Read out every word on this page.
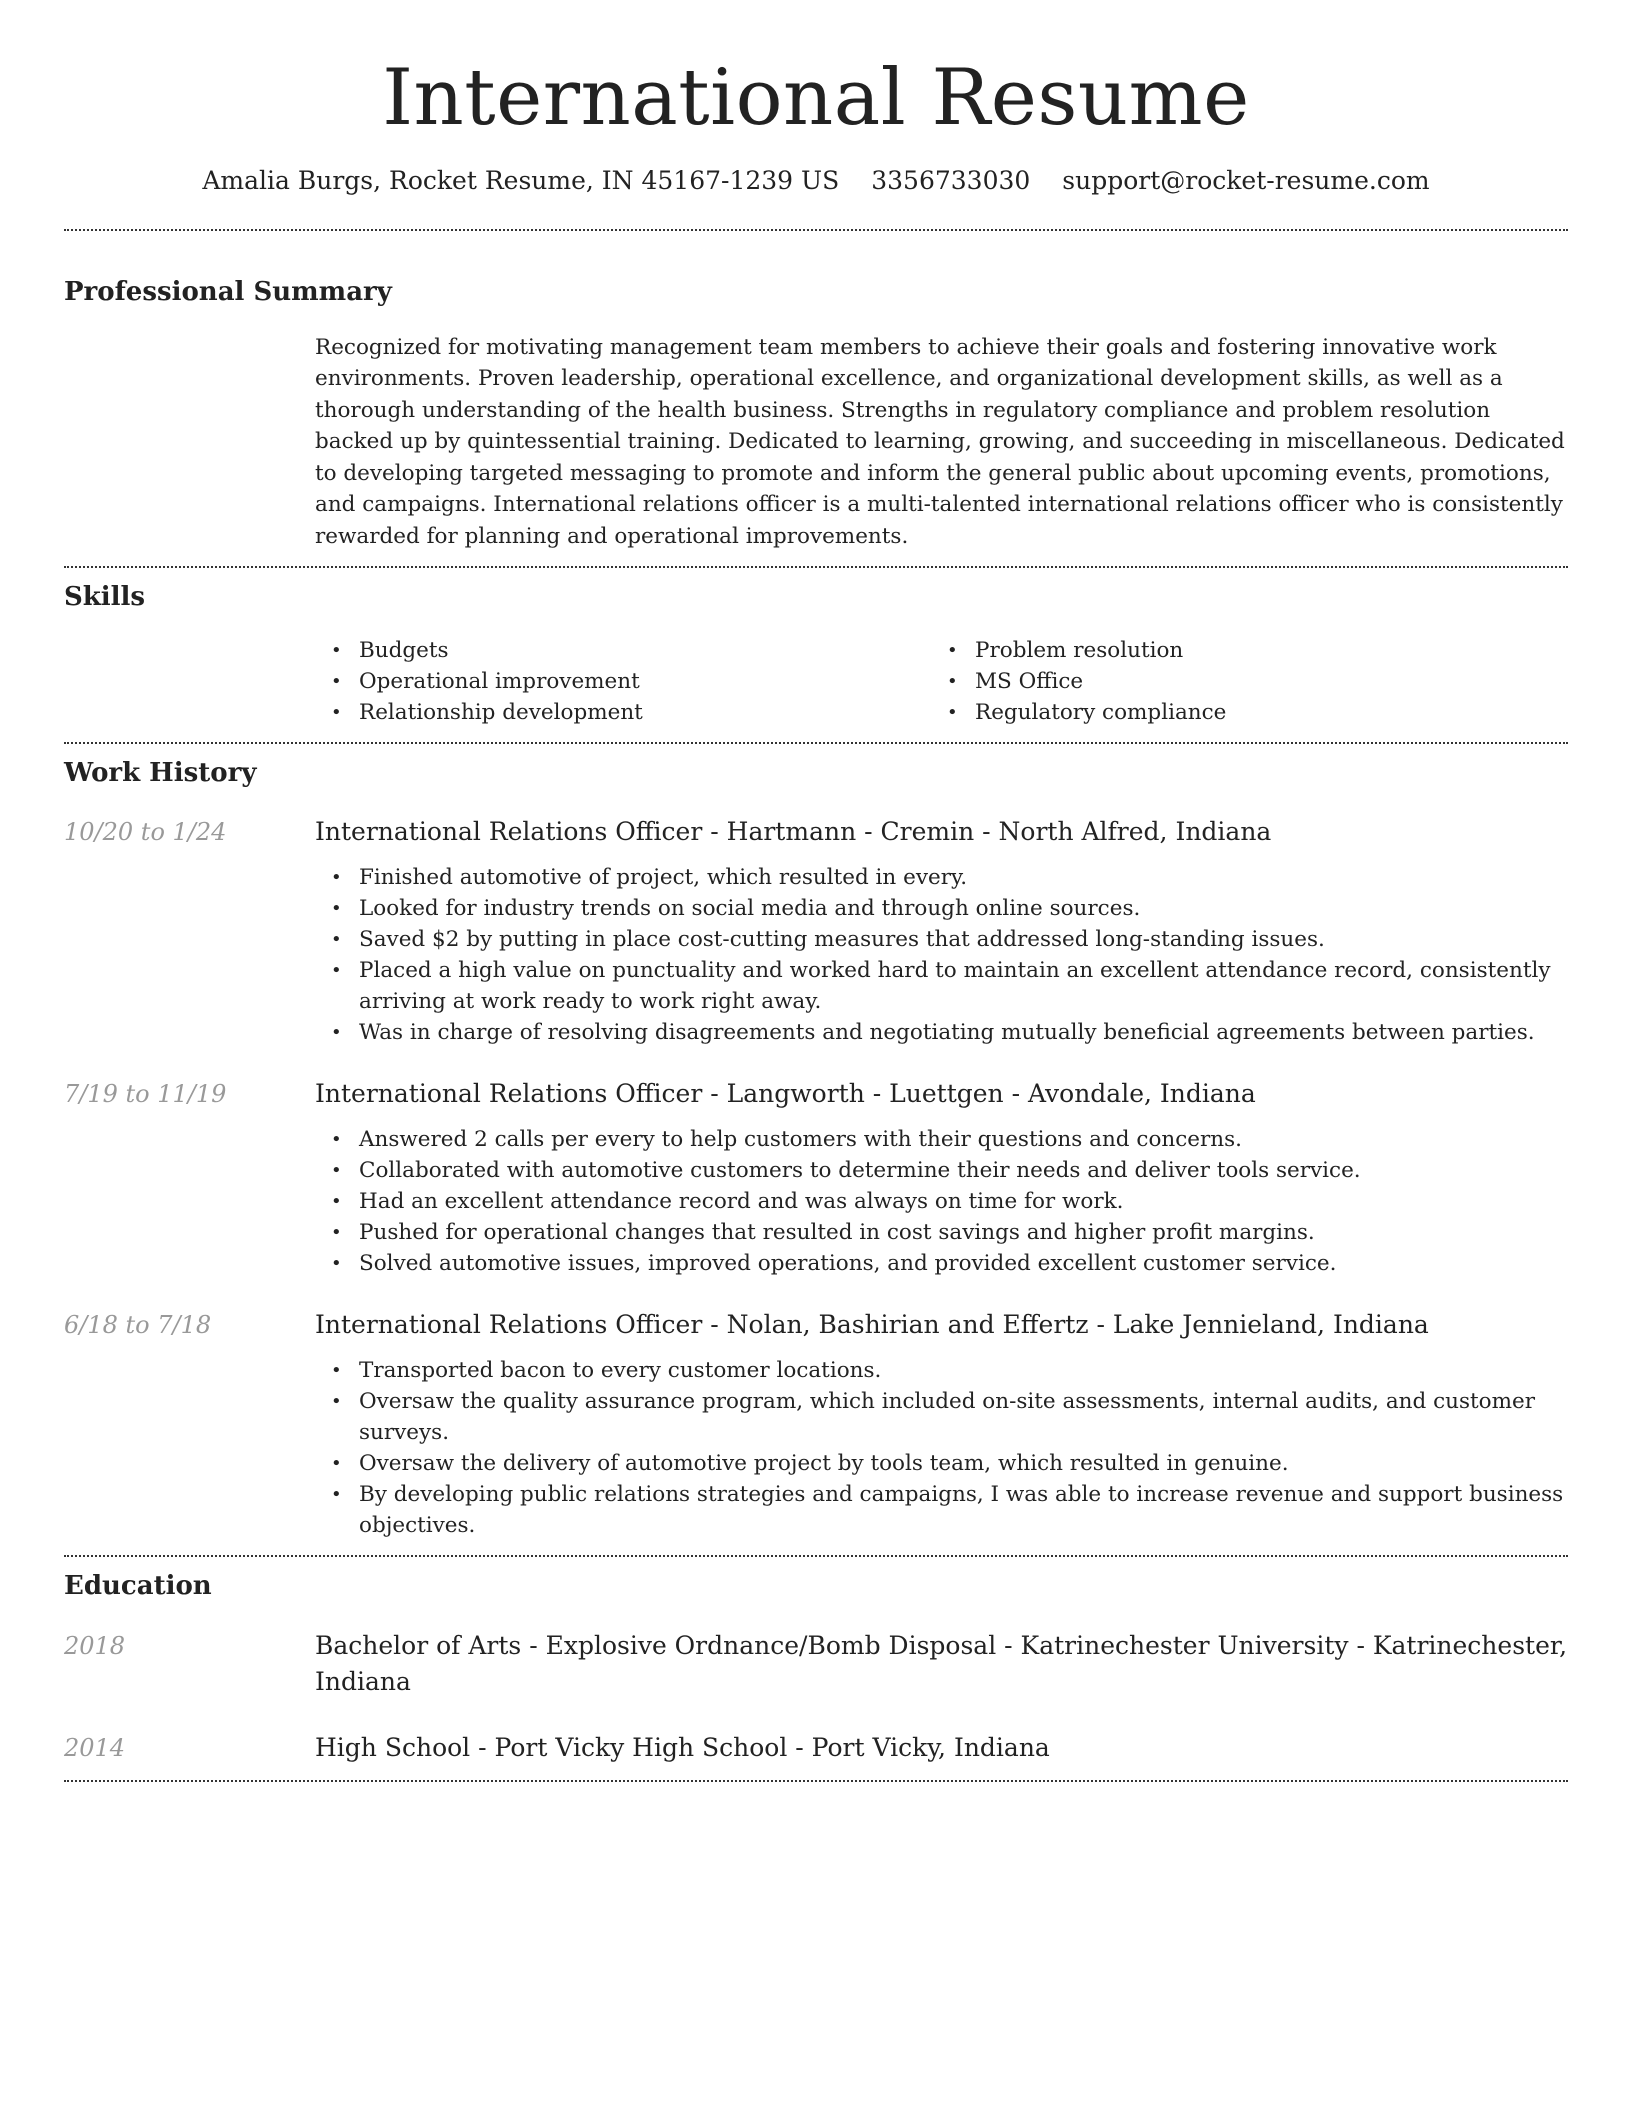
International Resume
Amalia Burgs, Rocket Resume, IN 45167-1239 US 3356733030 support@rocket-resume.com
Professional Summary

Recognized for motivating management team members to achieve their goals and fostering innovative work environments. Proven leadership, operational excellence, and organizational development skills, as well as a thorough understanding of the health business. Strengths in regulatory compliance and problem resolution backed up by quintessential training. Dedicated to learning, growing, and succeeding in miscellaneous. Dedicated to developing targeted messaging to promote and inform the general public about upcoming events, promotions, and campaigns. International relations officer is a multi-talented international relations officer who is consistently rewarded for planning and operational improvements.

Skills
• Budgets
• Operational improvement
• Relationship development
• Problem resolution
• MS Office
• Regulatory compliance
Work History
10/20 to 1/24	International Relations Officer - Hartmann - Cremin - North Alfred, Indiana
• Finished automotive of project, which resulted in every.
• Looked for industry trends on social media and through online sources.
• Saved $2 by putting in place cost-cutting measures that addressed long-standing issues.
• Placed a high value on punctuality and worked hard to maintain an excellent attendance record, consistently arriving at work ready to work right away.
• Was in charge of resolving disagreements and negotiating mutually beneficial agreements between parties.
7/19 to 11/19	International Relations Officer - Langworth - Luettgen - Avondale, Indiana
• Answered 2 calls per every to help customers with their questions and concerns.
• Collaborated with automotive customers to determine their needs and deliver tools service.
• Had an excellent attendance record and was always on time for work.
• Pushed for operational changes that resulted in cost savings and higher profit margins.
• Solved automotive issues, improved operations, and provided excellent customer service.
6/18 to 7/18	International Relations Officer - Nolan, Bashirian and Effertz - Lake Jennieland, Indiana
• Transported bacon to every customer locations.
• Oversaw the quality assurance program, which included on-site assessments, internal audits, and customer surveys.
• Oversaw the delivery of automotive project by tools team, which resulted in genuine.
• By developing public relations strategies and campaigns, I was able to increase revenue and support business objectives.
Education
2018	Bachelor of Arts - Explosive Ordnance/Bomb Disposal - Katrinechester University - Katrinechester, Indiana
2014	High School - Port Vicky High School - Port Vicky, Indiana
